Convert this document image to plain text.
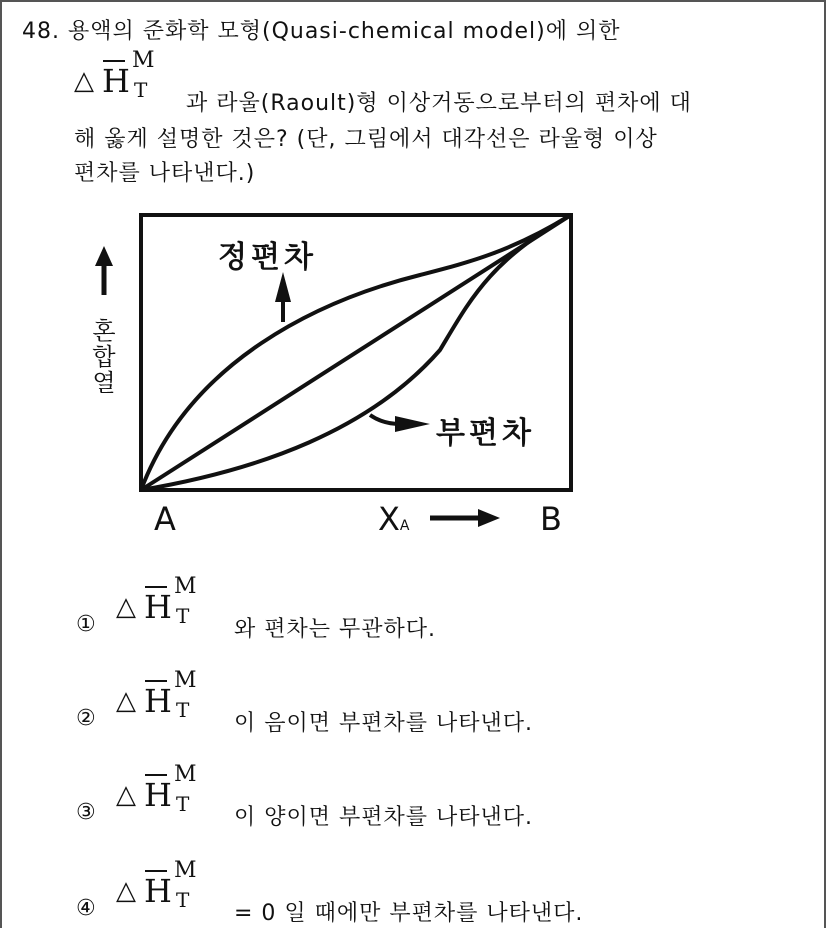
48. 용액의 준화학 모형(Quasi-chemical model)에 의한
△ H
M
T
과 라울(Raoult)형 이상거동으로부터의 편차에 대
해 옳게 설명한 것은? (단, 그림에서 대각선은 라울형 이상
편차를 나타낸다.)
정편차
부편차
혼합열
A	B
XA
①
△ H
M
T
와 편차는 무관하다.
②
△ H
M
T
이 음이면 부편차를 나타낸다.
③
△ H
M
T
이 양이면 부편차를 나타낸다.
④
△ H
M
T
= 0 일 때에만 부편차를 나타낸다.
